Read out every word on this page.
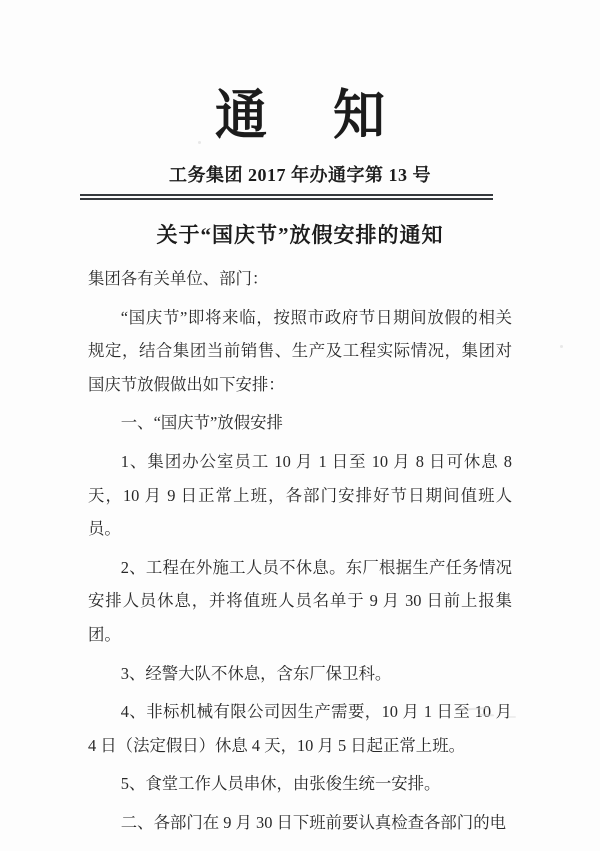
通知
工务集团 2017 年办通字第 13 号
关于“国庆节”放假安排的通知

集团各有关单位、部门：

“国庆节”即将来临，按照市政府节日期间放假的相关规定，结合集团当前销售、生产及工程实际情况，集团对国庆节放假做出如下安排：

一、“国庆节”放假安排

1、集团办公室员工 10 月 1 日至 10 月 8 日可休息 8 天，10 月 9 日正常上班，各部门安排好节日期间值班人员。

2、工程在外施工人员不休息。东厂根据生产任务情况安排人员休息，并将值班人员名单于 9 月 30 日前上报集团。

3、经警大队不休息，含东厂保卫科。

4、非标机械有限公司因生产需要，10 月 1 日至 10 月 4 日（法定假日）休息 4 天，10 月 5 日起正常上班。

5、食堂工作人员串休，由张俊生统一安排。

二、各部门在 9 月 30 日下班前要认真检查各部门的电
